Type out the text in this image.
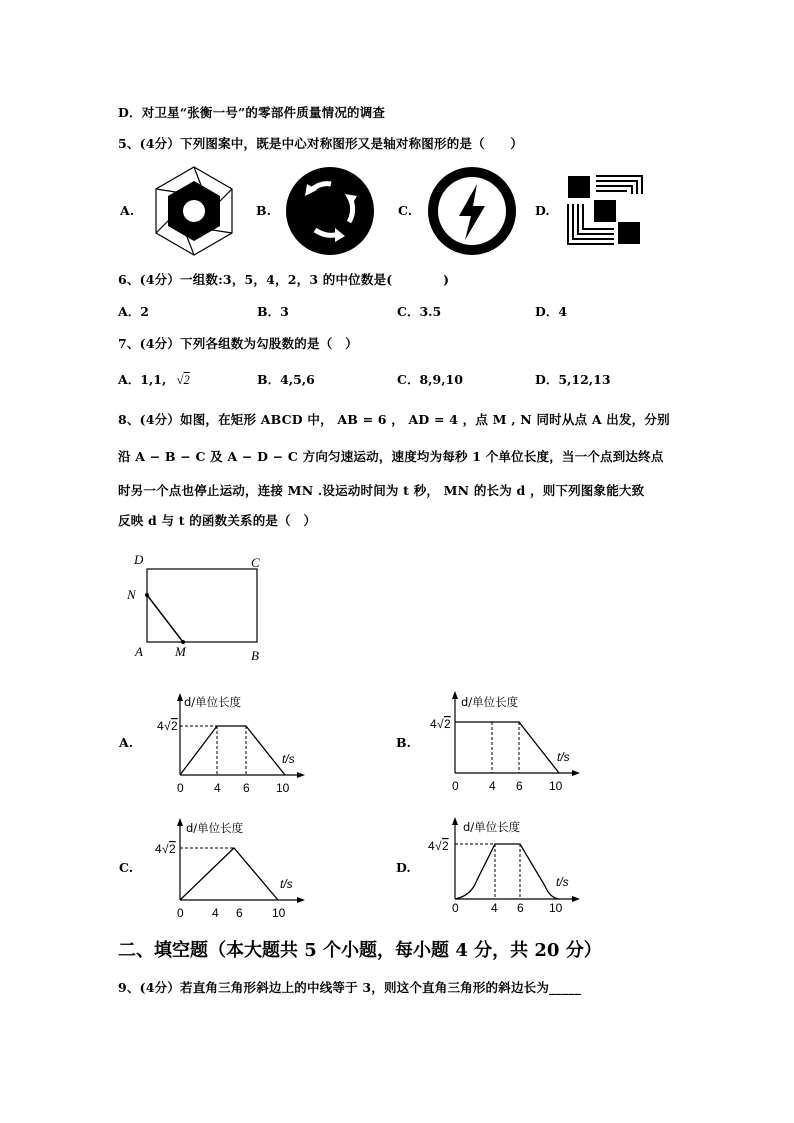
D．对卫星“张衡一号”的零部件质量情况的调查
5、(4分）下列图案中，既是中心对称图形又是轴对称图形的是（　　）
A.	B.	C.	D.
6、(4分）一组数:3，5，4，2，3 的中位数是(　　　　)
A．2	B．3	C．3.5	D．4
7、(4分）下列各组数为勾股数的是（　）
A．1,1, √2	B．4,5,6	C．8,9,10	D．5,12,13
8、(4分）如图，在矩形 ABCD 中， AB = 6 ， AD = 4 ，点 M , N 同时从点 A 出发，分别
沿 A − B − C 及 A − D − C 方向匀速运动，速度均为每秒 1 个单位长度，当一个点到达终点
时另一个点也停止运动，连接 MN .设运动时间为 t 秒， MN 的长为 d ，则下列图象能大致
反映 d 与 t 的函数关系的是（　）
D	C
N
A M	B
A.	B.
C.	D.
d/单位长度
t/s
4 √ 2
0	4 6 10
d/单位长度
t/s
4 √ 2
0	4 6 10
d/单位长度
t/s
4 √ 2
0 4 6 10
d/单位长度
t/s
4 √ 2
0	4 6 10
二、填空题（本大题共 5 个小题，每小题 4 分，共 20 分）
9、(4分）若直角三角形斜边上的中线等于 3，则这个直角三角形的斜边长为_____
